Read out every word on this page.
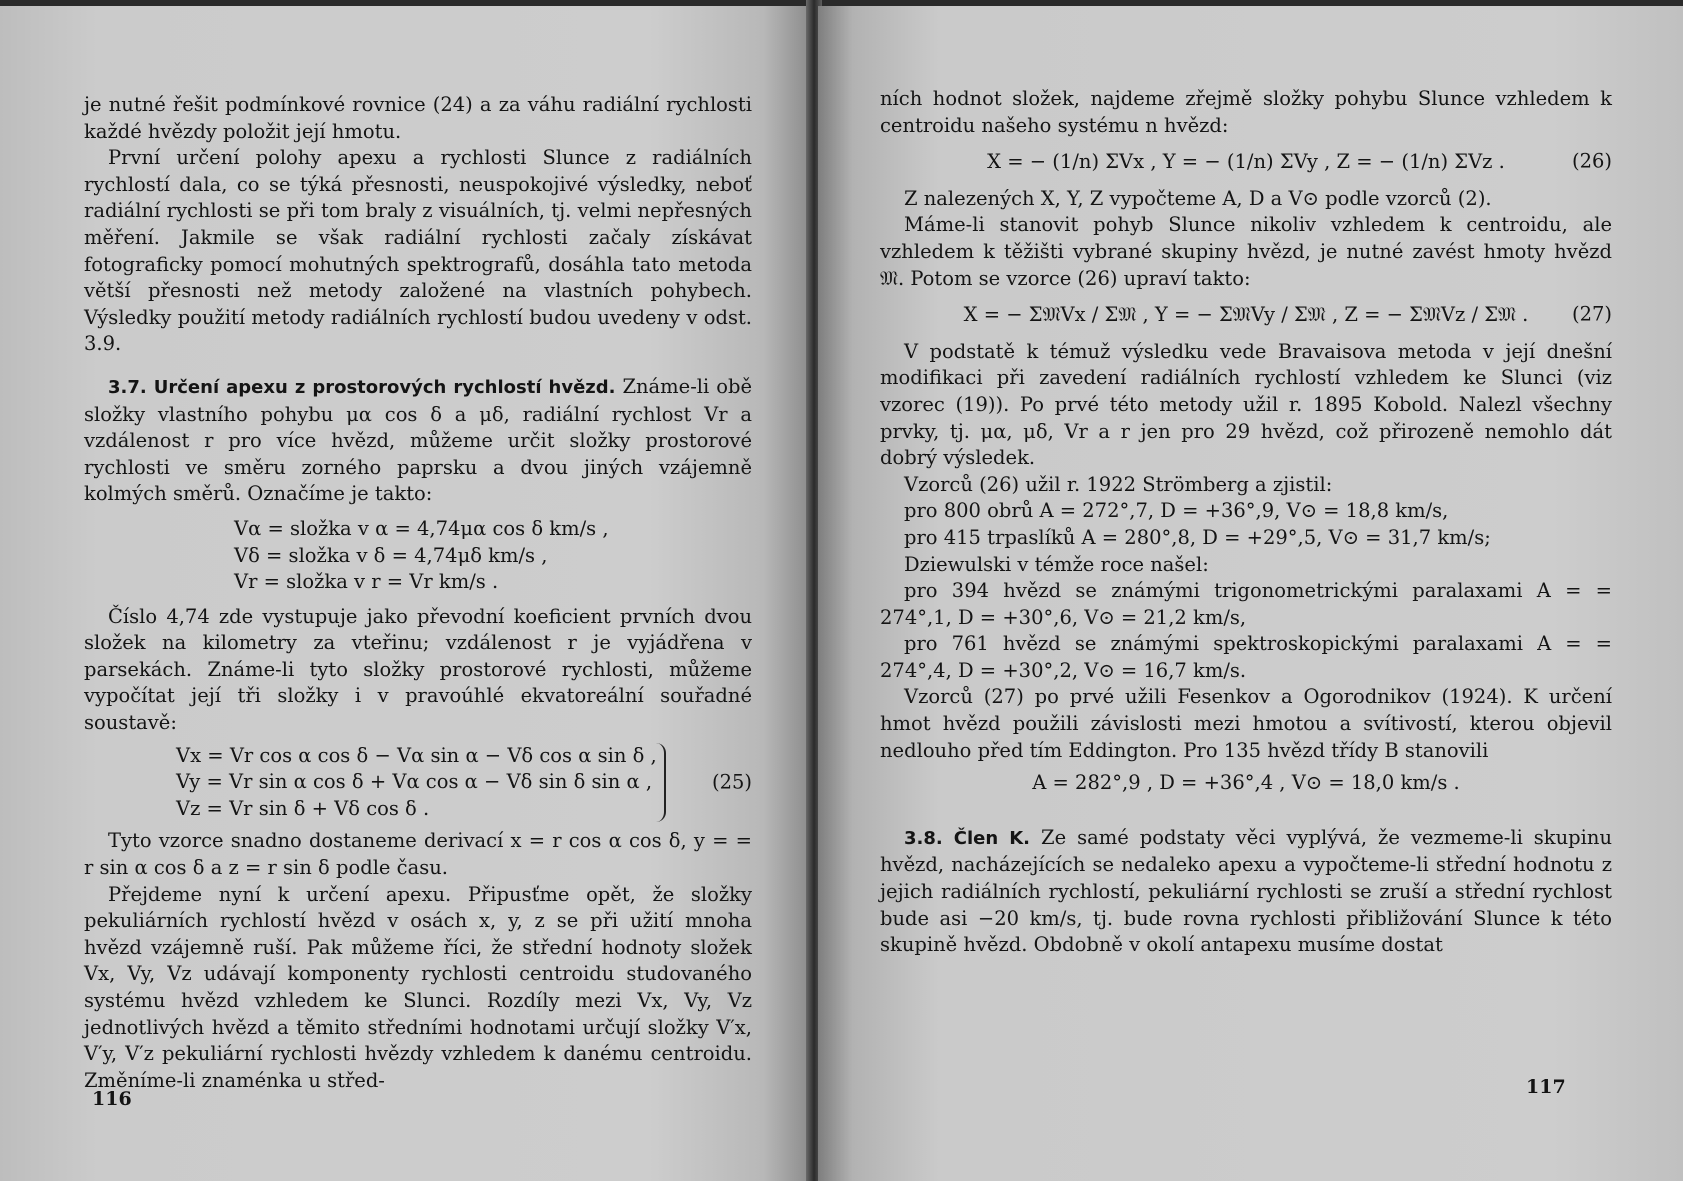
je nutné řešit podmínkové rovnice (24) a za váhu radiální rychlosti každé hvězdy položit její hmotu.

První určení polohy apexu a rychlosti Slunce z radiálních rychlostí dala, co se týká přesnosti, neuspokojivé výsledky, neboť radiální rychlosti se při tom braly z visuálních, tj. velmi nepřesných měření. Jakmile se však radiální rychlosti začaly získávat fotograficky pomocí mohutných spektrografů, dosáhla tato metoda větší přesnosti než metody založené na vlastních pohybech. Výsledky použití metody radiálních rychlostí budou uvedeny v odst. 3.9.

3.7. Určení apexu z prostorových rychlostí hvězd. Známe-li obě složky vlastního pohybu μα cos δ a μδ, radiální rychlost Vr a vzdálenost r pro více hvězd, můžeme určit složky prostorové rychlosti ve směru zorného paprsku a dvou jiných vzájemně kolmých směrů. Označíme je takto:

Vα = složka v α = 4,74μα cos δ km/s ,
Vδ = složka v δ = 4,74μδ km/s ,
Vr = složka v r = Vr km/s .

Číslo 4,74 zde vystupuje jako převodní koeficient prvních dvou složek na kilometry za vteřinu; vzdálenost r je vyjádřena v parsekách. Známe-li tyto složky prostorové rychlosti, můžeme vypočítat její tři složky i v pravoúhlé ekvatoreální souřadné soustavě:

Vx = Vr cos α cos δ − Vα sin α − Vδ cos α sin δ ,
Vy = Vr sin α cos δ + Vα cos α − Vδ sin δ sin α ,
Vz = Vr sin δ + Vδ cos δ .
(25)

Tyto vzorce snadno dostaneme derivací x = r cos α cos δ, y = = r sin α cos δ a z = r sin δ podle času.

Přejdeme nyní k určení apexu. Připusťme opět, že složky pekuliárních rychlostí hvězd v osách x, y, z se při užití mnoha hvězd vzájemně ruší. Pak můžeme říci, že střední hodnoty složek Vx, Vy, Vz udávají komponenty rychlosti centroidu studovaného systému hvězd vzhledem ke Slunci. Rozdíly mezi Vx, Vy, Vz jednotlivých hvězd a těmito středními hodnotami určují složky V′x, V′y, V′z pekuliární rychlosti hvězdy vzhledem k danému centroidu. Změníme-li znaménka u střed-

116

ních hodnot složek, najdeme zřejmě složky pohybu Slunce vzhledem k centroidu našeho systému n hvězd:

X = − (1/n) ΣVx , Y = − (1/n) ΣVy , Z = − (1/n) ΣVz .	(26)

Z nalezených X, Y, Z vypočteme A, D a V⊙ podle vzorců (2).

Máme-li stanovit pohyb Slunce nikoliv vzhledem k centroidu, ale vzhledem k těžišti vybrané skupiny hvězd, je nutné zavést hmoty hvězd 𝔐. Potom se vzorce (26) upraví takto:

X = − Σ𝔐Vx / Σ𝔐 , Y = − Σ𝔐Vy / Σ𝔐 , Z = − Σ𝔐Vz / Σ𝔐 . (27)

V podstatě k témuž výsledku vede Bravaisova metoda v její dnešní modifikaci při zavedení radiálních rychlostí vzhledem ke Slunci (viz vzorec (19)). Po prvé této metody užil r. 1895 Kobold. Nalezl všechny prvky, tj. μα, μδ, Vr a r jen pro 29 hvězd, což přirozeně nemohlo dát dobrý výsledek.

Vzorců (26) užil r. 1922 Strömberg a zjistil:

pro 800 obrů A = 272°,7, D = +36°,9, V⊙ = 18,8 km/s,

pro 415 trpaslíků A = 280°,8, D = +29°,5, V⊙ = 31,7 km/s;

Dziewulski v témže roce našel:

pro 394 hvězd se známými trigonometrickými paralaxami A = = 274°,1, D = +30°,6, V⊙ = 21,2 km/s,

pro 761 hvězd se známými spektroskopickými paralaxami A = = 274°,4, D = +30°,2, V⊙ = 16,7 km/s.

Vzorců (27) po prvé užili Fesenkov a Ogorodnikov (1924). K určení hmot hvězd použili závislosti mezi hmotou a svítivostí, kterou objevil nedlouho před tím Eddington. Pro 135 hvězd třídy B stanovili

A = 282°,9 , D = +36°,4 , V⊙ = 18,0 km/s .

3.8. Člen K. Ze samé podstaty věci vyplývá, že vezmeme-li skupinu hvězd, nacházejících se nedaleko apexu a vypočteme-li střední hodnotu z jejich radiálních rychlostí, pekuliární rychlosti se zruší a střední rychlost bude asi −20 km/s, tj. bude rovna rychlosti přibližování Slunce k této skupině hvězd. Obdobně v okolí antapexu musíme dostat

117
